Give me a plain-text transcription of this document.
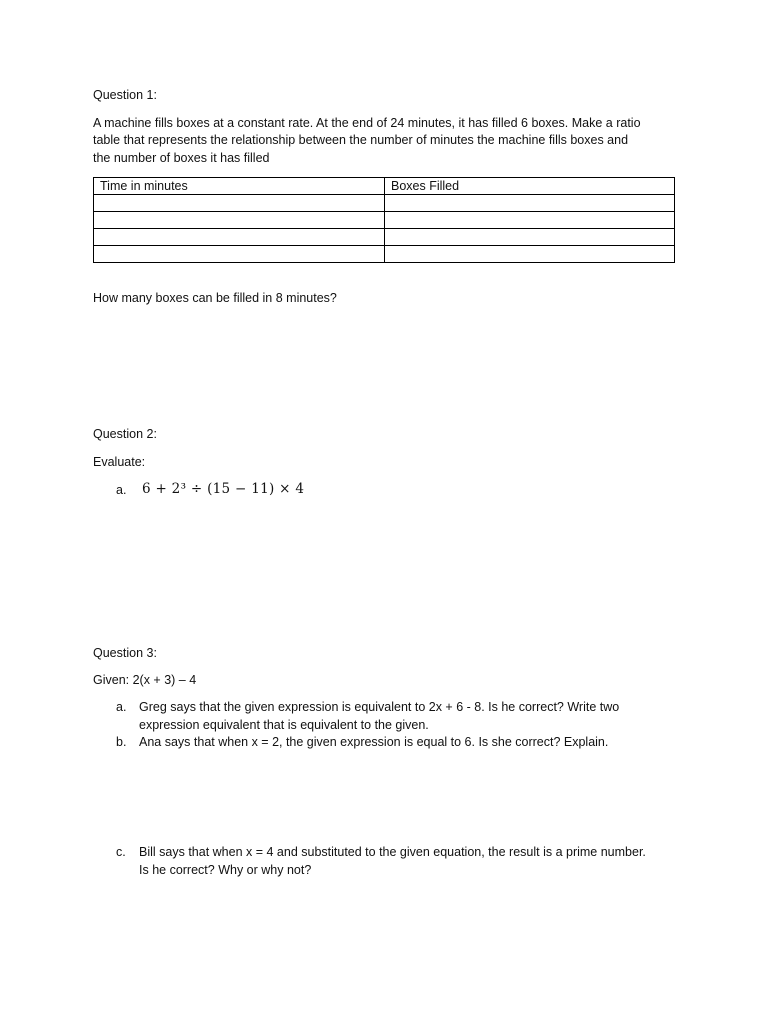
Question 1:
A machine fills boxes at a constant rate. At the end of 24 minutes, it has filled 6 boxes. Make a ratio
table that represents the relationship between the number of minutes the machine fills boxes and
the number of boxes it has filled
Time in minutes	Boxes Filled

How many boxes can be filled in 8 minutes?
Question 2:
Evaluate:
a.	6 + 2³ ÷ (15 − 11) × 4
Question 3:
Given: 2(x + 3) – 4
a.	Greg says that the given expression is equivalent to 2x + 6 - 8. Is he correct? Write two
expression equivalent that is equivalent to the given.
b.	Ana says that when x = 2, the given expression is equal to 6. Is she correct? Explain.
c.	Bill says that when x = 4 and substituted to the given equation, the result is a prime number.
Is he correct? Why or why not?
